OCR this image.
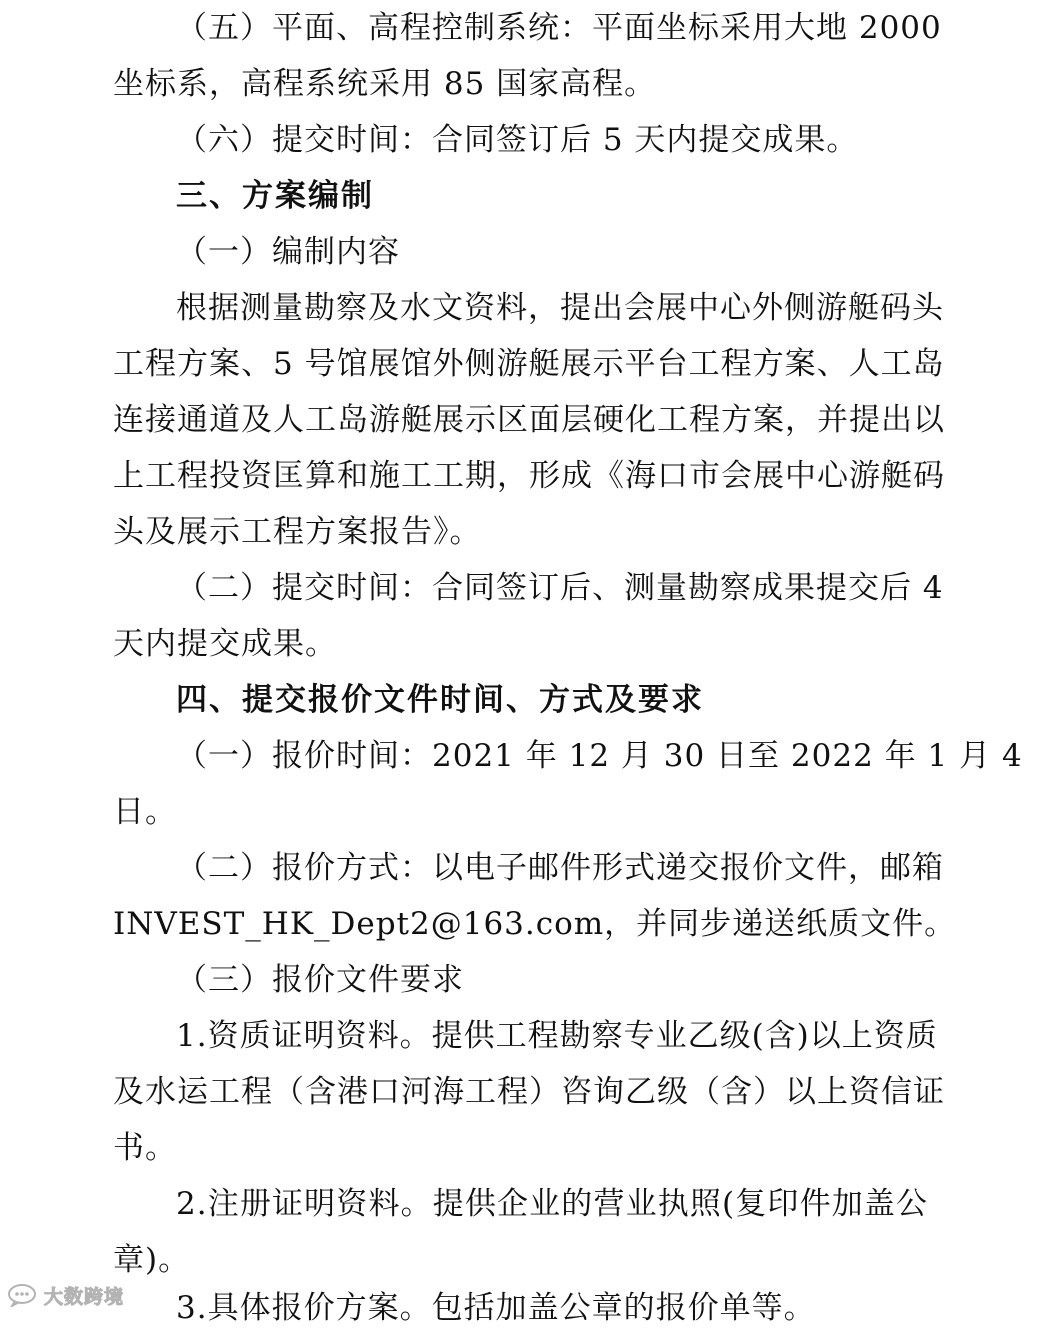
（五）平面、高程控制系统：平面坐标采用大地 2000
坐标系，高程系统采用 85 国家高程。
（六）提交时间：合同签订后 5 天内提交成果。
三、方案编制
（一）编制内容
根据测量勘察及水文资料，提出会展中心外侧游艇码头
工程方案、5 号馆展馆外侧游艇展示平台工程方案、人工岛
连接通道及人工岛游艇展示区面层硬化工程方案，并提出以
上工程投资匡算和施工工期，形成《海口市会展中心游艇码
头及展示工程方案报告》。
（二）提交时间：合同签订后、测量勘察成果提交后 4
天内提交成果。
四、提交报价文件时间、方式及要求
（一）报价时间：2021 年 12 月 30 日至 2022 年 1 月 4
日。
（二）报价方式：以电子邮件形式递交报价文件，邮箱
INVEST_HK_Dept2@163.com，并同步递送纸质文件。
（三）报价文件要求
1.资质证明资料。提供工程勘察专业乙级(含)以上资质
及水运工程（含港口河海工程）咨询乙级（含）以上资信证
书。
2.注册证明资料。提供企业的营业执照(复印件加盖公
章)。
3.具体报价方案。包括加盖公章的报价单等。
大数跨境
